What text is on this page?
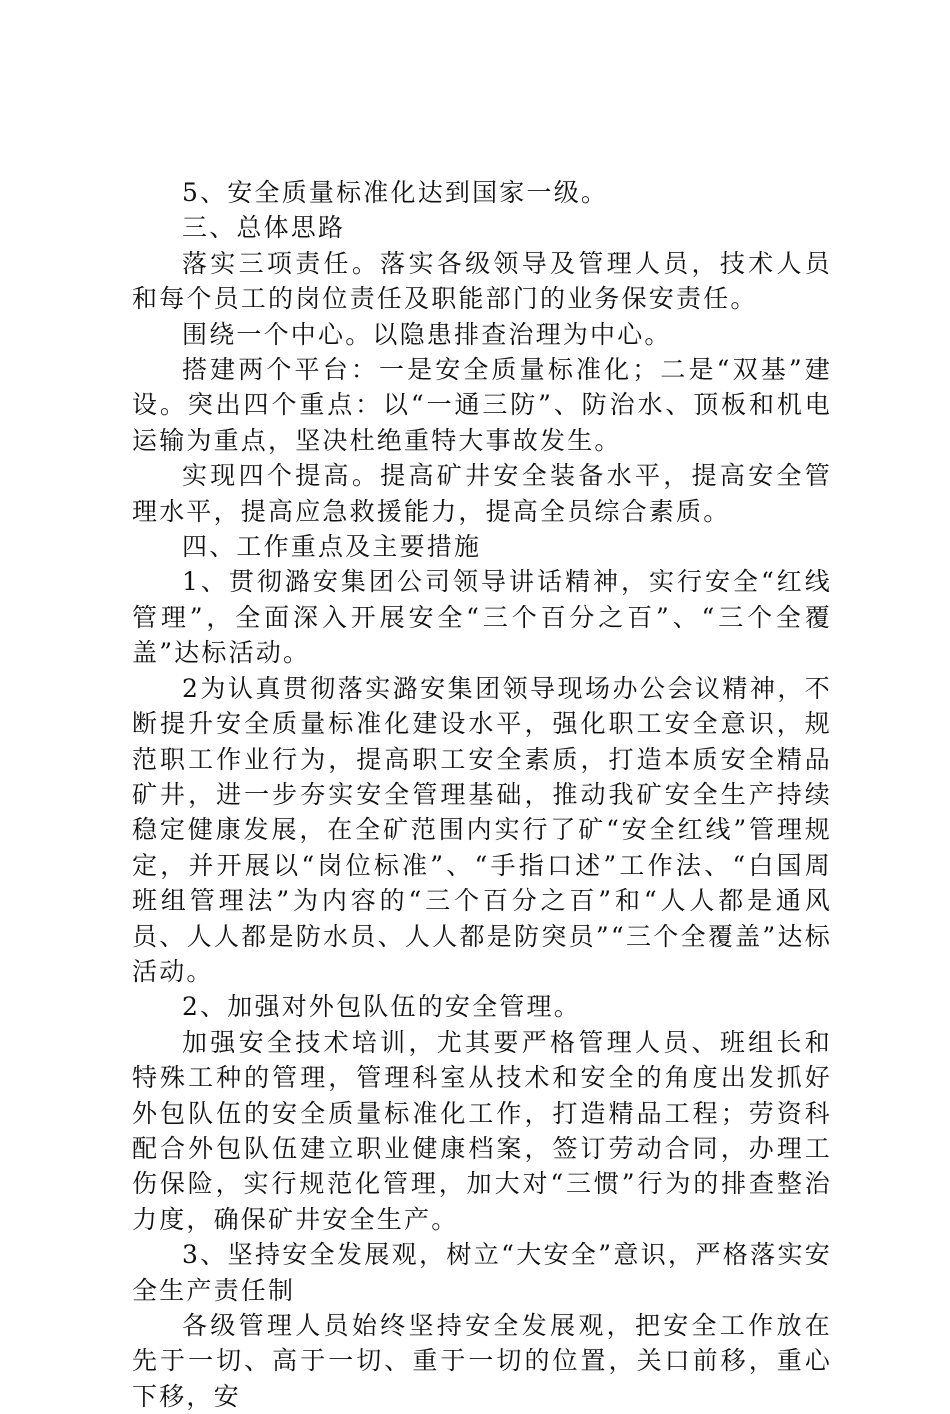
5、安全质量标准化达到国家一级。

三、总体思路

落实三项责任。落实各级领导及管理人员，技术人员和每个员工的岗位责任及职能部门的业务保安责任。

围绕一个中心。以隐患排查治理为中心。

搭建两个平台：一是安全质量标准化；二是“双基”建设。突出四个重点：以“一通三防”、防治水、顶板和机电运输为重点，坚决杜绝重特大事故发生。

实现四个提高。提高矿井安全装备水平，提高安全管理水平，提高应急救援能力，提高全员综合素质。

四、工作重点及主要措施

1、贯彻潞安集团公司领导讲话精神，实行安全“红线管理”，全面深入开展安全“三个百分之百”、“三个全覆盖”达标活动。

2为认真贯彻落实潞安集团领导现场办公会议精神，不断提升安全质量标准化建设水平，强化职工安全意识，规范职工作业行为，提高职工安全素质，打造本质安全精品矿井，进一步夯实安全管理基础，推动我矿安全生产持续稳定健康发展，在全矿范围内实行了矿“安全红线”管理规定，并开展以“岗位标准”、“手指口述”工作法、“白国周班组管理法”为内容的“三个百分之百”和“人人都是通风员、人人都是防水员、人人都是防突员”“三个全覆盖”达标活动。

2、加强对外包队伍的安全管理。

加强安全技术培训，尤其要严格管理人员、班组长和特殊工种的管理，管理科室从技术和安全的角度出发抓好外包队伍的安全质量标准化工作，打造精品工程；劳资科配合外包队伍建立职业健康档案，签订劳动合同，办理工伤保险，实行规范化管理，加大对“三惯”行为的排查整治力度，确保矿井安全生产。

3、坚持安全发展观，树立“大安全”意识，严格落实安全生产责任制

各级管理人员始终坚持安全发展观，把安全工作放在先于一切、高于一切、重于一切的位置，关口前移，重心下移，安
